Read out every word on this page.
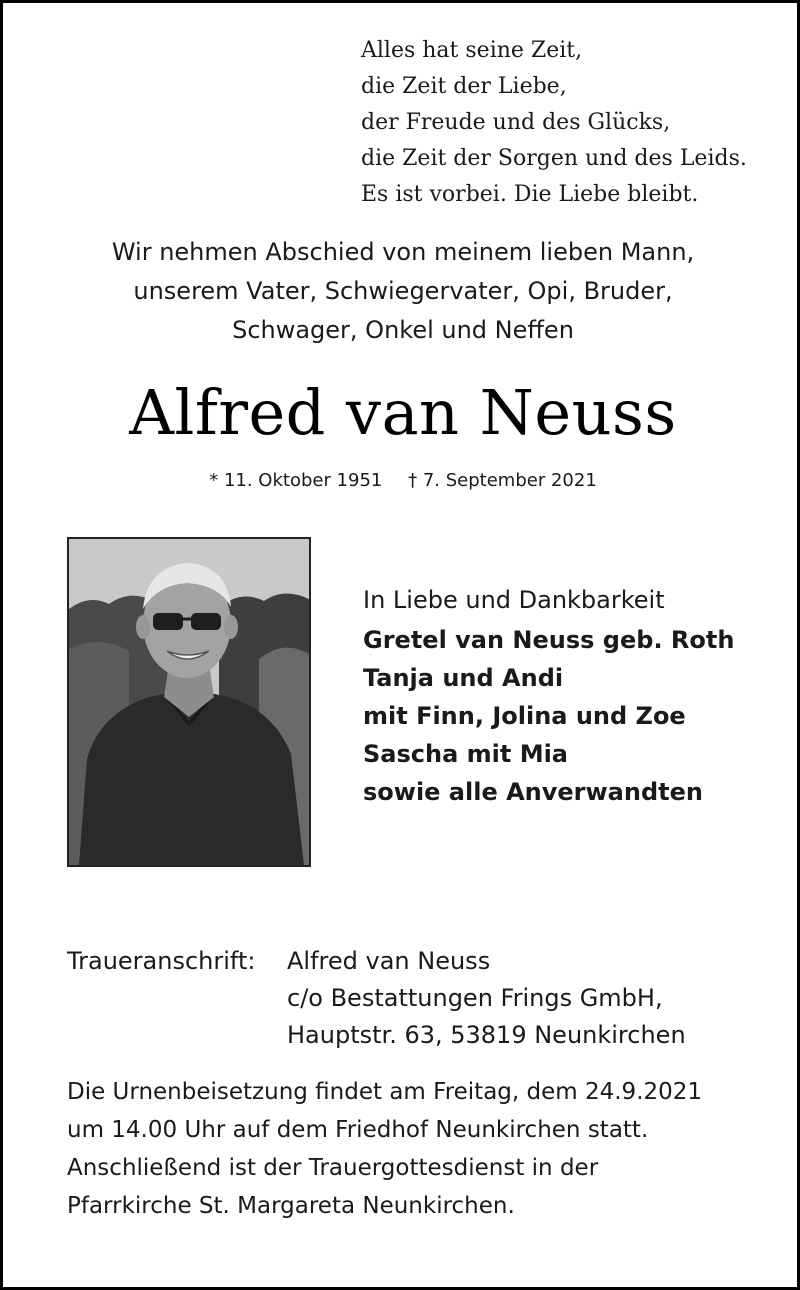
Alles hat seine Zeit,
die Zeit der Liebe,
der Freude und des Glücks,
die Zeit der Sorgen und des Leids.
Es ist vorbei. Die Liebe bleibt.
Wir nehmen Abschied von meinem lieben Mann,
unserem Vater, Schwiegervater, Opi, Bruder,
Schwager, Onkel und Neffen
Alfred van Neuss
* 11. Oktober 1951 † 7. September 2021
In Liebe und Dankbarkeit
Gretel van Neuss geb. Roth
Tanja und Andi
mit Finn, Jolina und Zoe
Sascha mit Mia
sowie alle Anverwandten
Traueranschrift: Alfred van Neuss
c/o Bestattungen Frings GmbH,
Hauptstr. 63, 53819 Neunkirchen
Die Urnenbeisetzung findet am Freitag, dem 24.9.2021
um 14.00 Uhr auf dem Friedhof Neunkirchen statt.
Anschließend ist der Trauergottesdienst in der
Pfarrkirche St. Margareta Neunkirchen.
